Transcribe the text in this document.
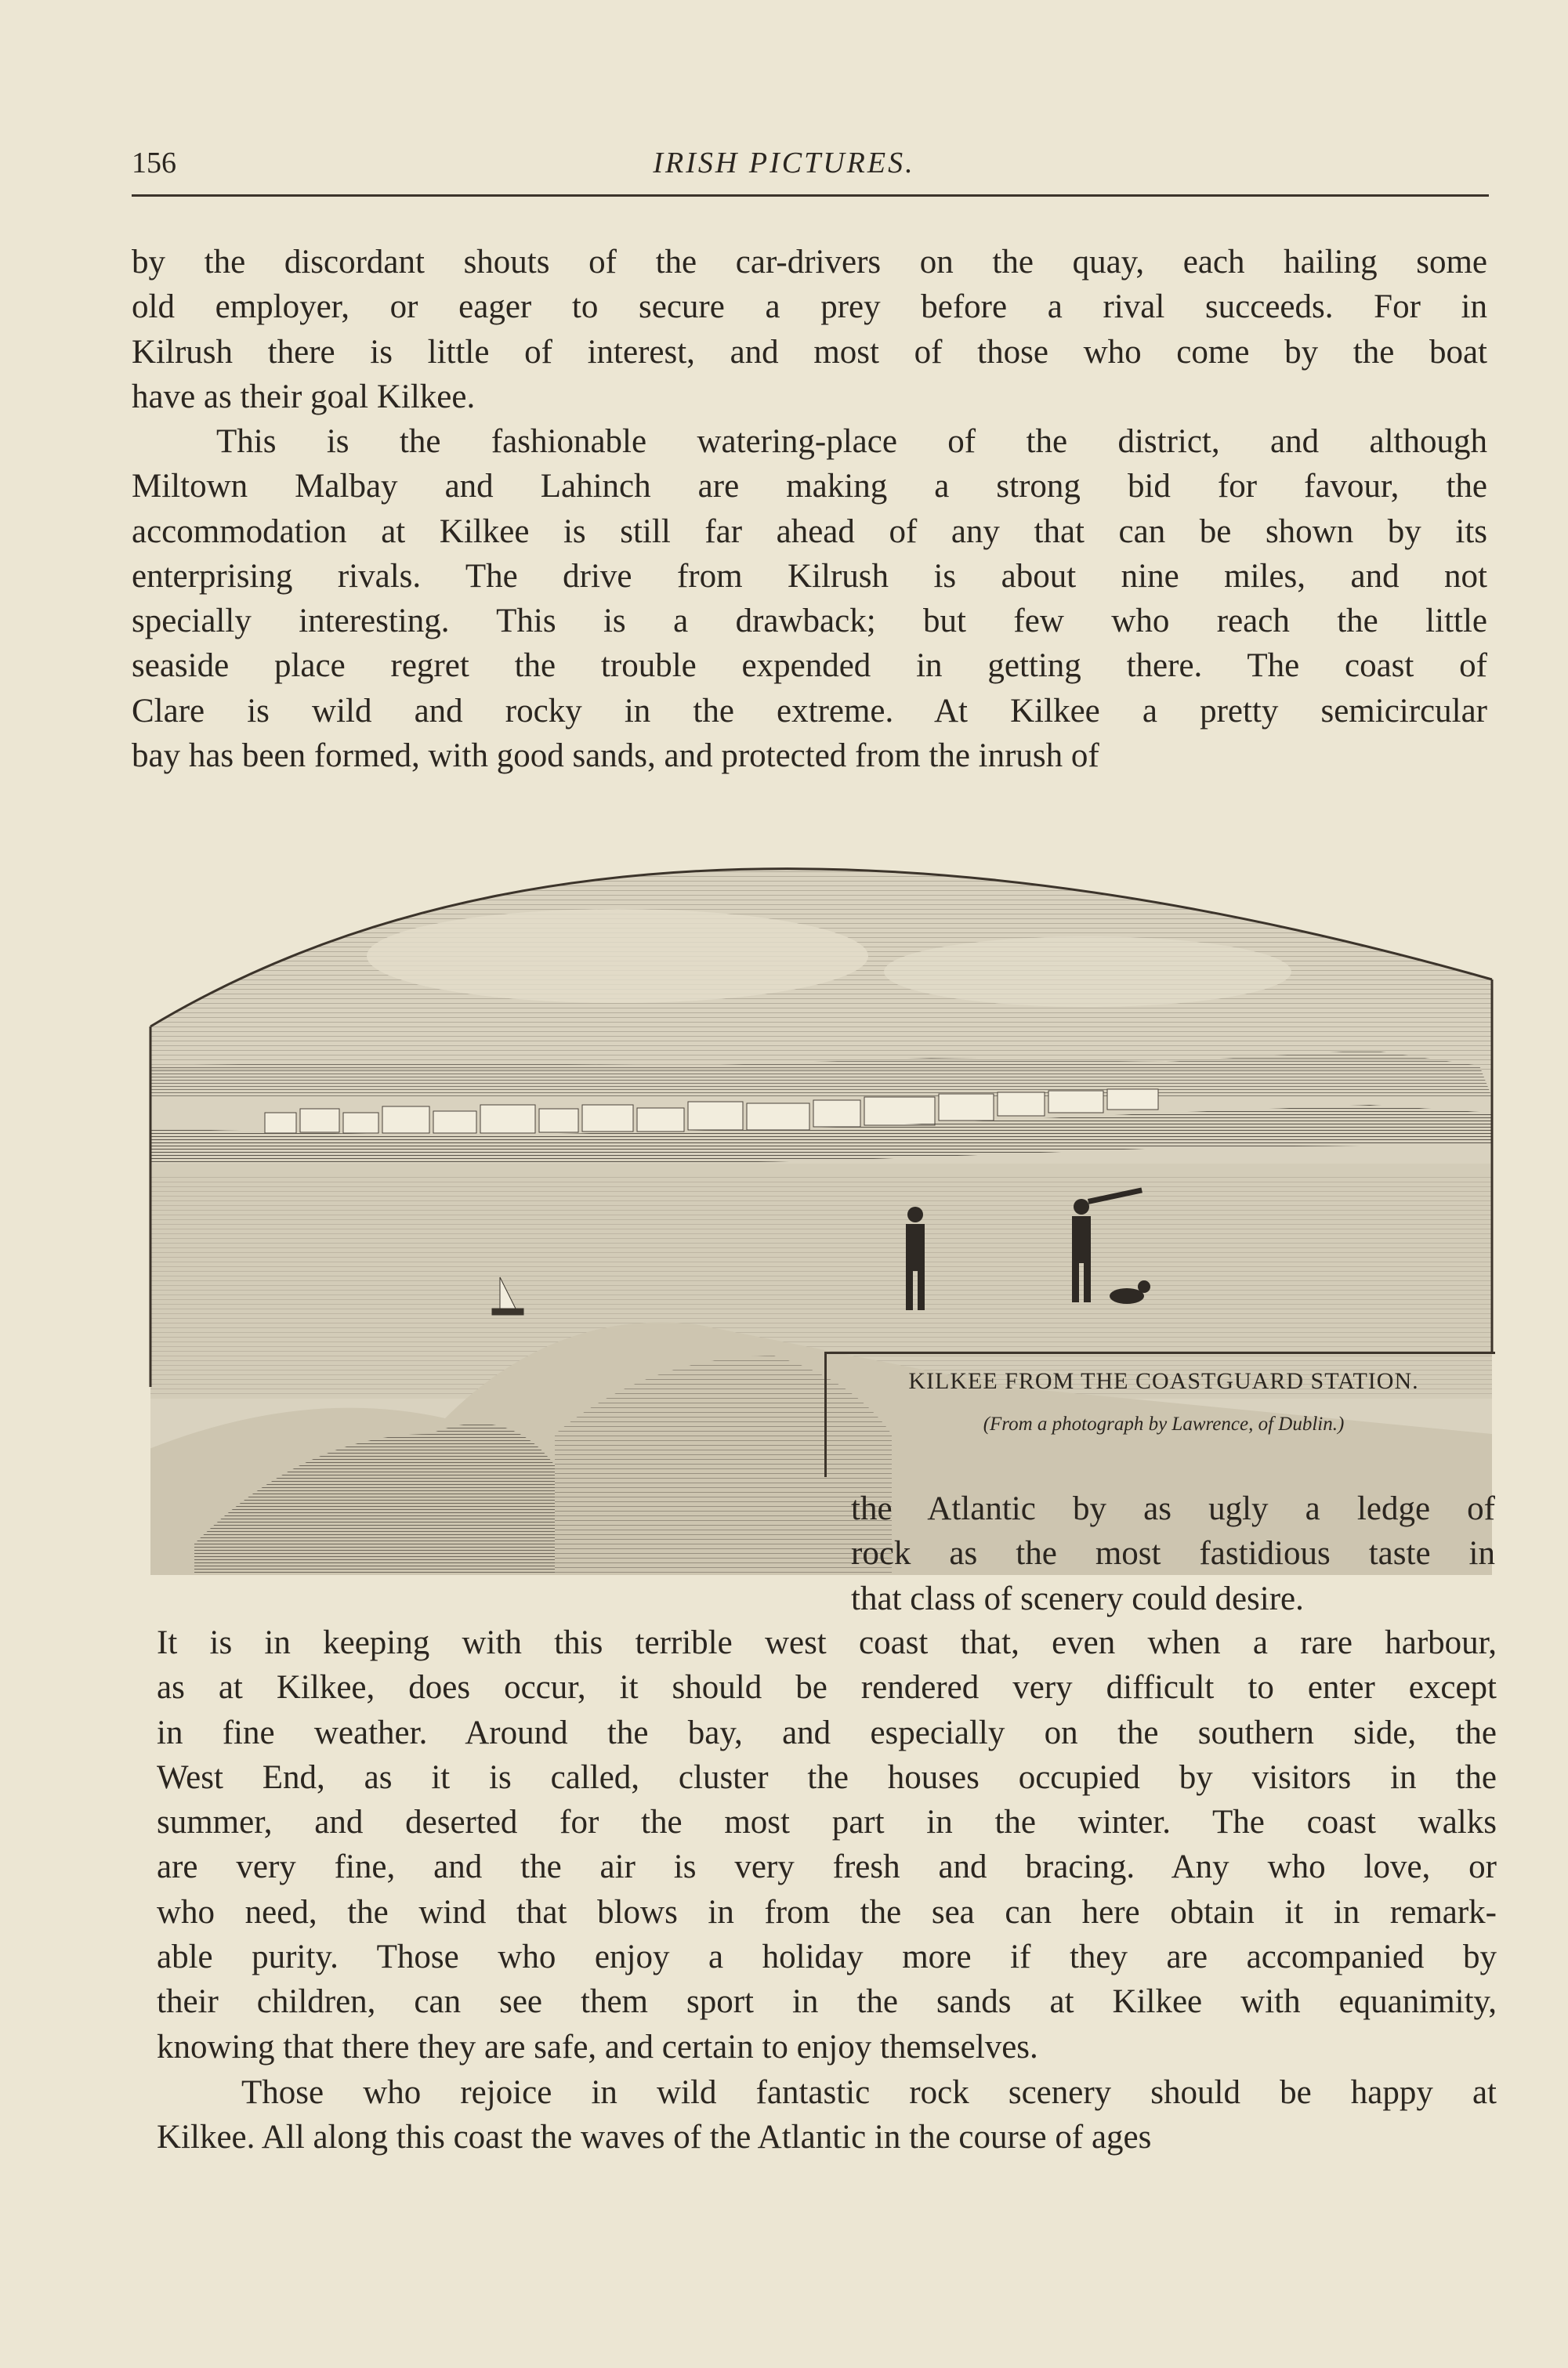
156	IRISH PICTURES.
by the discordant shouts of the car-drivers on the quay, each hailing some
old employer, or eager to secure a prey before a rival succeeds. For in
Kilrush there is little of interest, and most of those who come by the boat
have as their goal Kilkee.
This is the fashionable watering-place of the district, and although
Miltown Malbay and Lahinch are making a strong bid for favour, the
accommodation at Kilkee is still far ahead of any that can be shown by its
enterprising rivals. The drive from Kilrush is about nine miles, and not
specially interesting. This is a drawback; but few who reach the little
seaside place regret the trouble expended in getting there. The coast of
Clare is wild and rocky in the extreme. At Kilkee a pretty semicircular
bay has been formed, with good sands, and protected from the inrush of
KILKEE FROM THE COASTGUARD STATION.
(From a photograph by Lawrence, of Dublin.)
the Atlantic by as ugly a ledge of
rock as the most fastidious taste in
that class of scenery could desire.
It is in keeping with this terrible west coast that, even when a rare harbour,
as at Kilkee, does occur, it should be rendered very difficult to enter except
in fine weather. Around the bay, and especially on the southern side, the
West End, as it is called, cluster the houses occupied by visitors in the
summer, and deserted for the most part in the winter. The coast walks
are very fine, and the air is very fresh and bracing. Any who love, or
who need, the wind that blows in from the sea can here obtain it in remark-
able purity. Those who enjoy a holiday more if they are accompanied by
their children, can see them sport in the sands at Kilkee with equanimity,
knowing that there they are safe, and certain to enjoy themselves.
Those who rejoice in wild fantastic rock scenery should be happy at
Kilkee. All along this coast the waves of the Atlantic in the course of ages
